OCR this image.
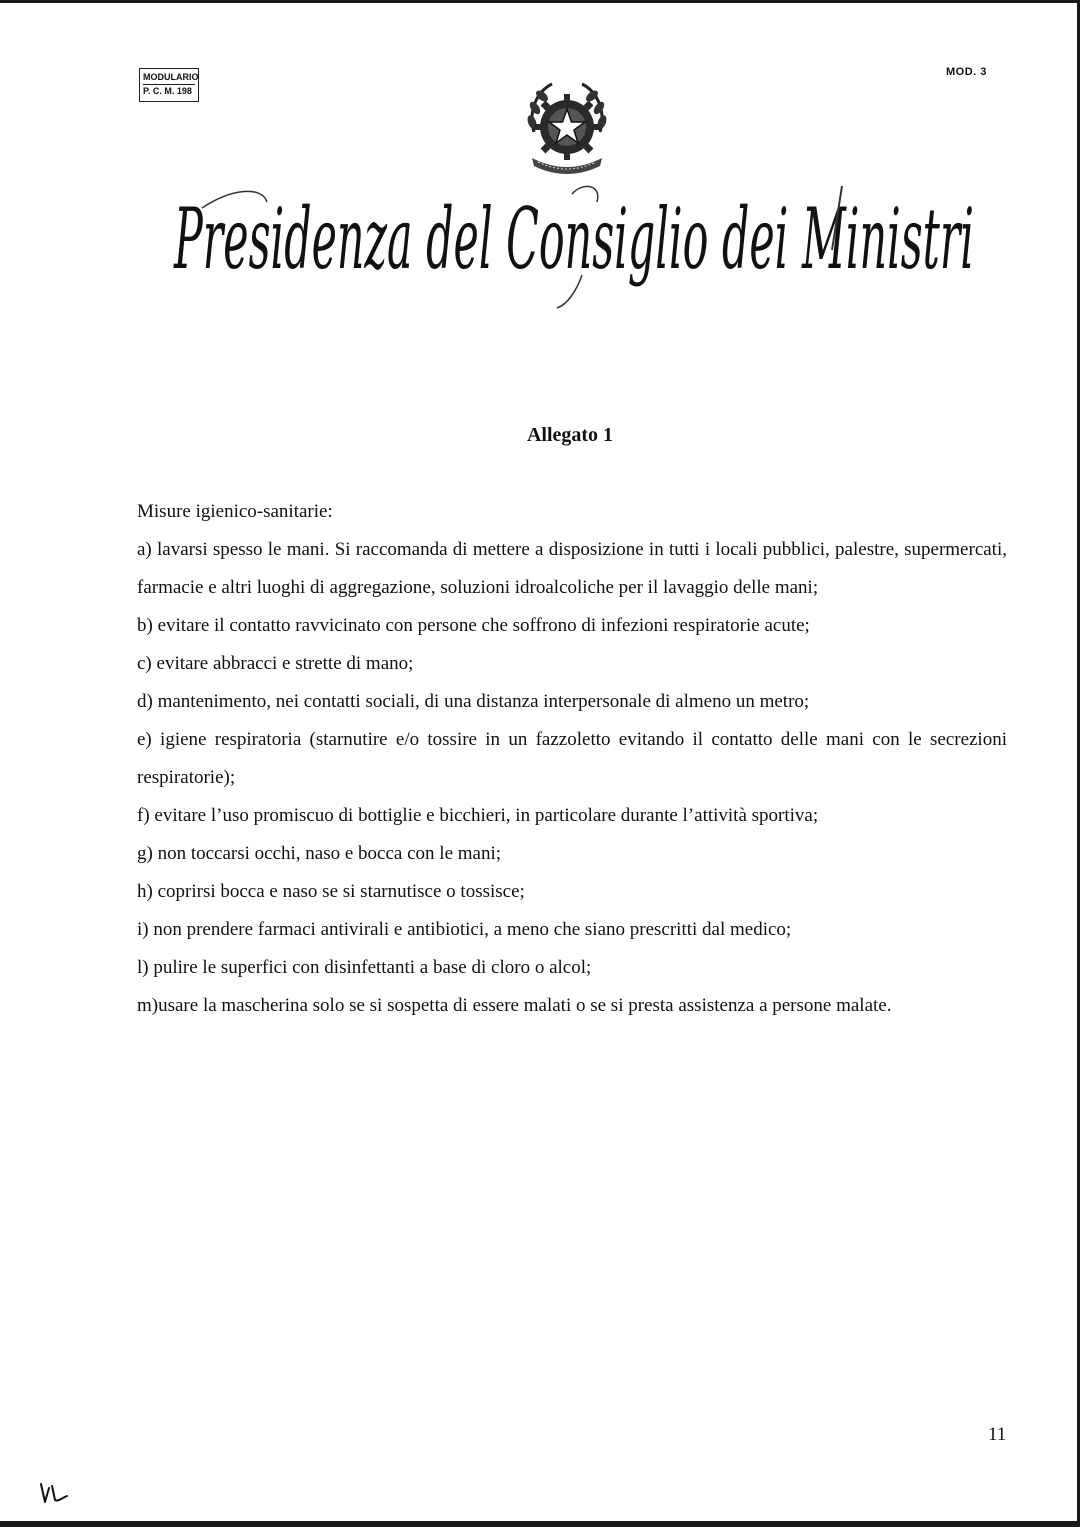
MODULARIO
P. C. M. 198
MOD. 3
Presidenza del Consiglio dei Ministri
Allegato 1

Misure igienico-sanitarie:

a) lavarsi spesso le mani. Si raccomanda di mettere a disposizione in tutti i locali pubblici, palestre, supermercati, farmacie e altri luoghi di aggregazione, soluzioni idroalcoliche per il lavaggio delle mani;

b) evitare il contatto ravvicinato con persone che soffrono di infezioni respiratorie acute;

c) evitare abbracci e strette di mano;

d) mantenimento, nei contatti sociali, di una distanza interpersonale di almeno un metro;

e) igiene respiratoria (starnutire e/o tossire in un fazzoletto evitando il contatto delle mani con le secrezioni respiratorie);

f) evitare l’uso promiscuo di bottiglie e bicchieri, in particolare durante l’attività sportiva;

g) non toccarsi occhi, naso e bocca con le mani;

h) coprirsi bocca e naso se si starnutisce o tossisce;

i) non prendere farmaci antivirali e antibiotici, a meno che siano prescritti dal medico;

l) pulire le superfici con disinfettanti a base di cloro o alcol;

m)usare la mascherina solo se si sospetta di essere malati o se si presta assistenza a persone malate.

11
